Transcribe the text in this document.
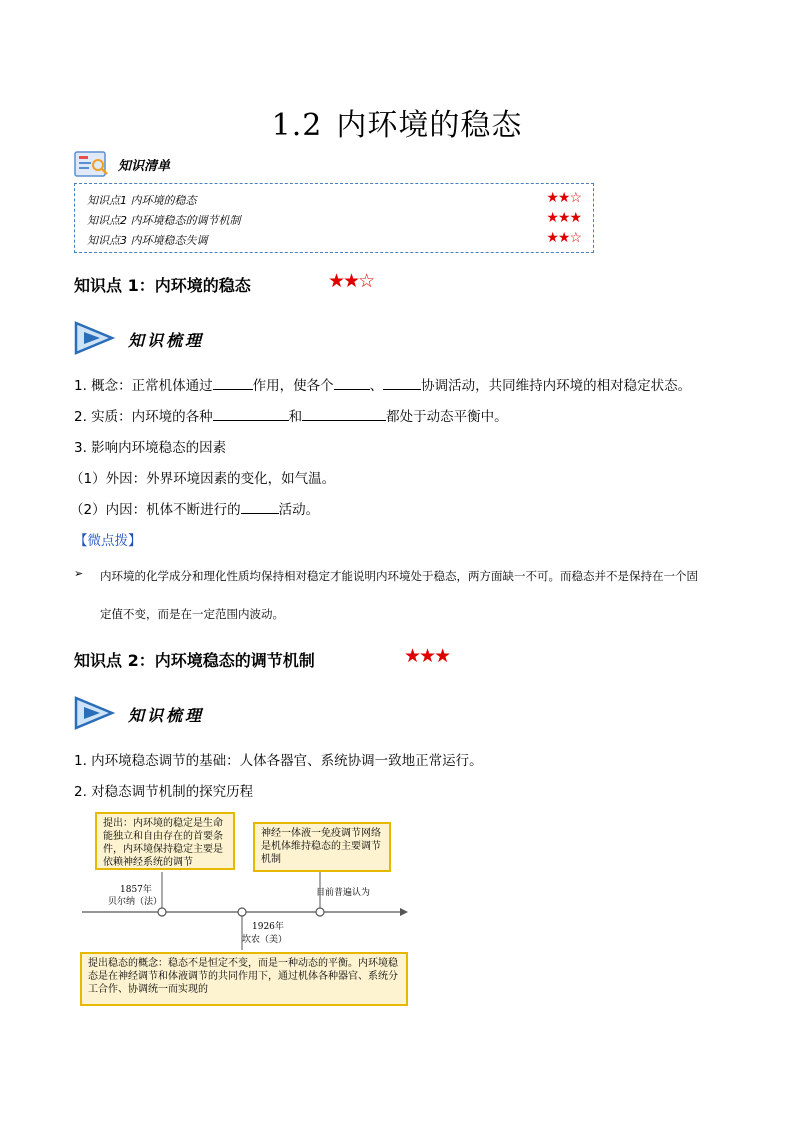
1.2 内环境的稳态
知识清单
知识点1 内环境的稳态	★★☆
知识点2 内环境稳态的调节机制	★★★
知识点3 内环境稳态失调	★★☆
知识点 1：内环境的稳态	★★☆
知识梳理
1. 概念：正常机体通过	作用，使各个	、	协调活动，共同维持内环境的相对稳定状态。
2. 实质：内环境的各种	和	都处于动态平衡中。
3. 影响内环境稳态的因素
（1）外因：外界环境因素的变化，如气温。
（2）内因：机体不断进行的	活动。
【微点拨】
➢ 内环境的化学成分和理化性质均保持相对稳定才能说明内环境处于稳态，两方面缺一不可。而稳态并不是保持在一个固
定值不变，而是在一定范围内波动。
知识点 2：内环境稳态的调节机制	★★★
知识梳理
1. 内环境稳态调节的基础：人体各器官、系统协调一致地正常运行。
2. 对稳态调节机制的探究历程
提出：内环境的稳定是生命能独立和自由存在的首要条件，内环境保持稳定主要是依赖神经系统的调节
神经一体液一免疫调节网络是机体维持稳态的主要调节机制
1857年
贝尔纳（法）
目前普遍认为
1926年
坎农（美）
提出稳态的概念：稳态不是恒定不变，而是一种动态的平衡。内环境稳态是在神经调节和体液调节的共同作用下，通过机体各种器官、系统分工合作、协调统一而实现的
